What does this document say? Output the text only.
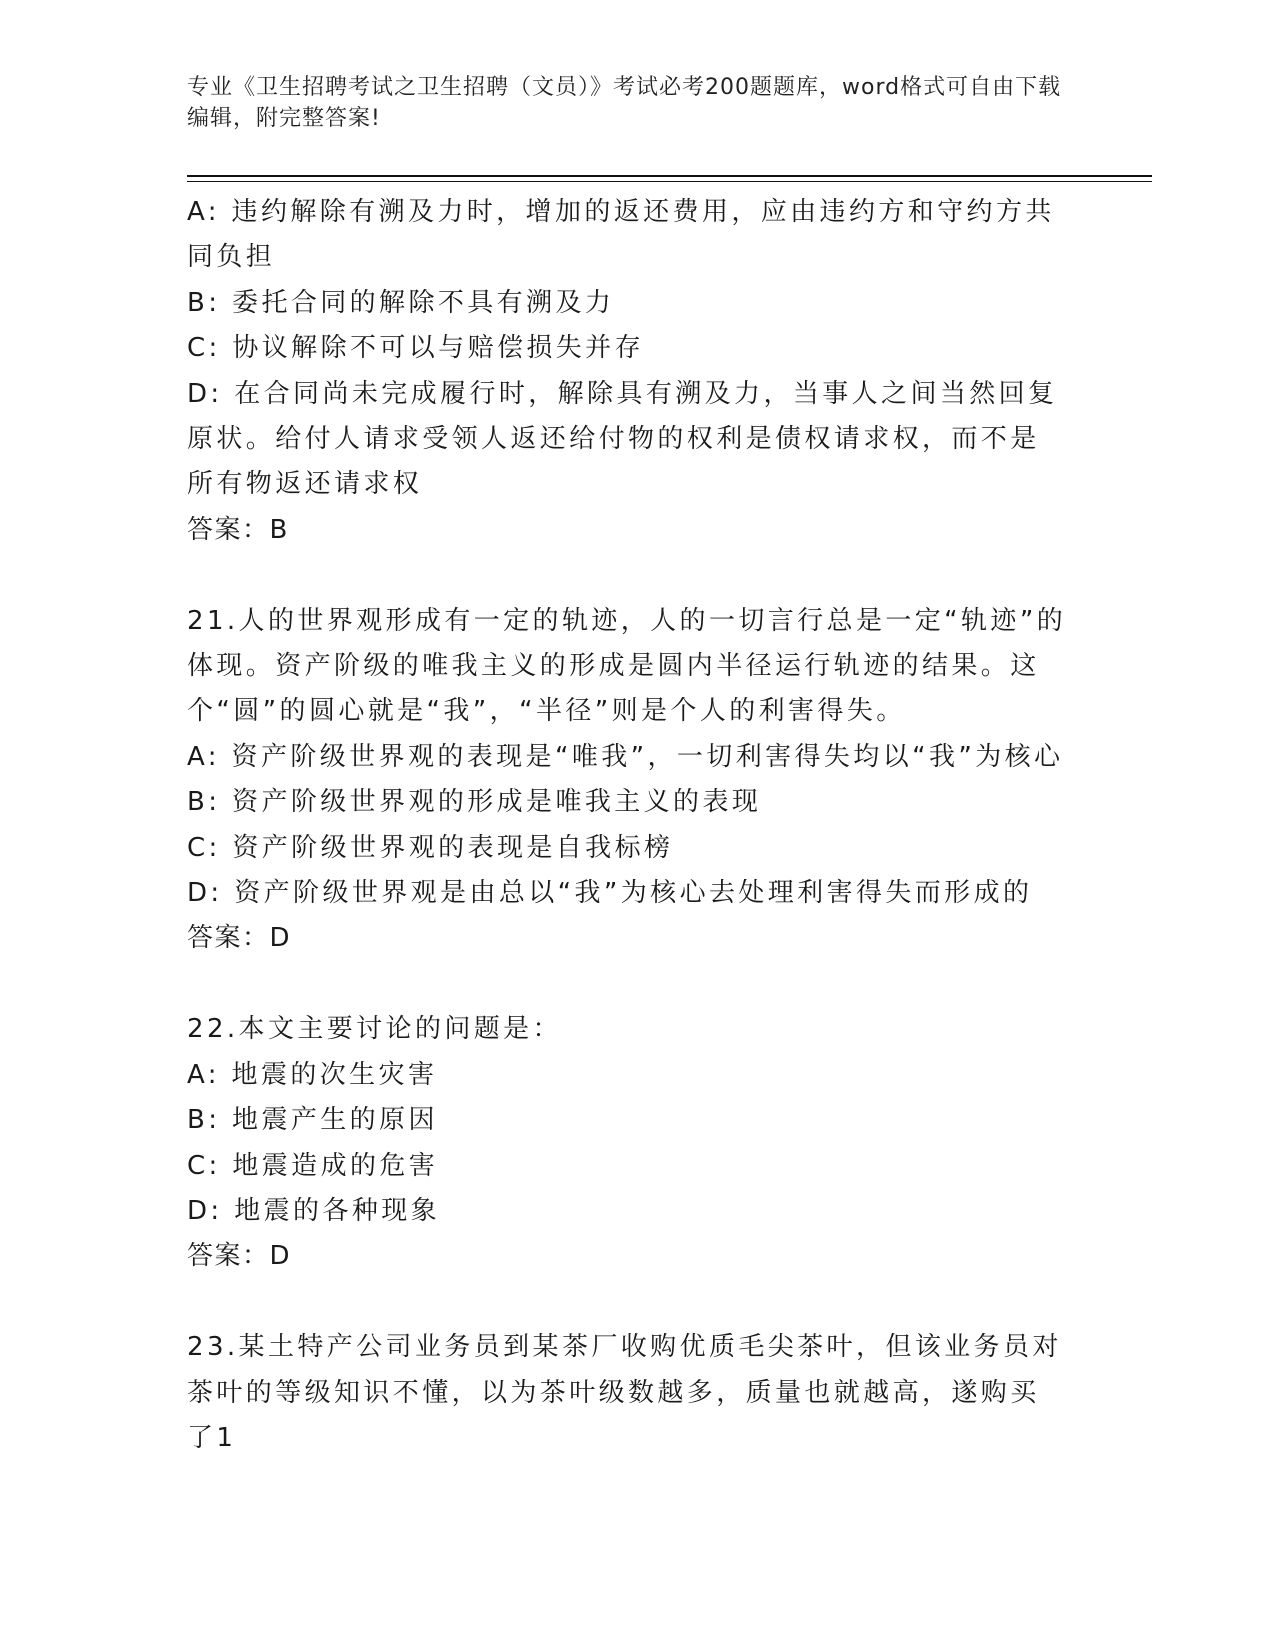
专业《卫生招聘考试之卫生招聘（文员）》考试必考200题题库，word格式可自由下载编辑，附完整答案!

A: 违约解除有溯及力时，增加的返还费用，应由违约方和守约方共同负担

B: 委托合同的解除不具有溯及力

C: 协议解除不可以与赔偿损失并存

D: 在合同尚未完成履行时，解除具有溯及力，当事人之间当然回复原状。给付人请求受领人返还给付物的权利是债权请求权，而不是所有物返还请求权

答案：B

21.人的世界观形成有一定的轨迹，人的一切言行总是一定“轨迹”的体现。资产阶级的唯我主义的形成是圆内半径运行轨迹的结果。这个“圆”的圆心就是“我”，“半径”则是个人的利害得失。

A: 资产阶级世界观的表现是“唯我”，一切利害得失均以“我”为核心

B: 资产阶级世界观的形成是唯我主义的表现

C: 资产阶级世界观的表现是自我标榜

D: 资产阶级世界观是由总以“我”为核心去处理利害得失而形成的

答案：D

22.本文主要讨论的问题是：

A: 地震的次生灾害

B: 地震产生的原因

C: 地震造成的危害

D: 地震的各种现象

答案：D

23.某土特产公司业务员到某茶厂收购优质毛尖茶叶，但该业务员对茶叶的等级知识不懂，以为茶叶级数越多，质量也就越高，遂购买了1
